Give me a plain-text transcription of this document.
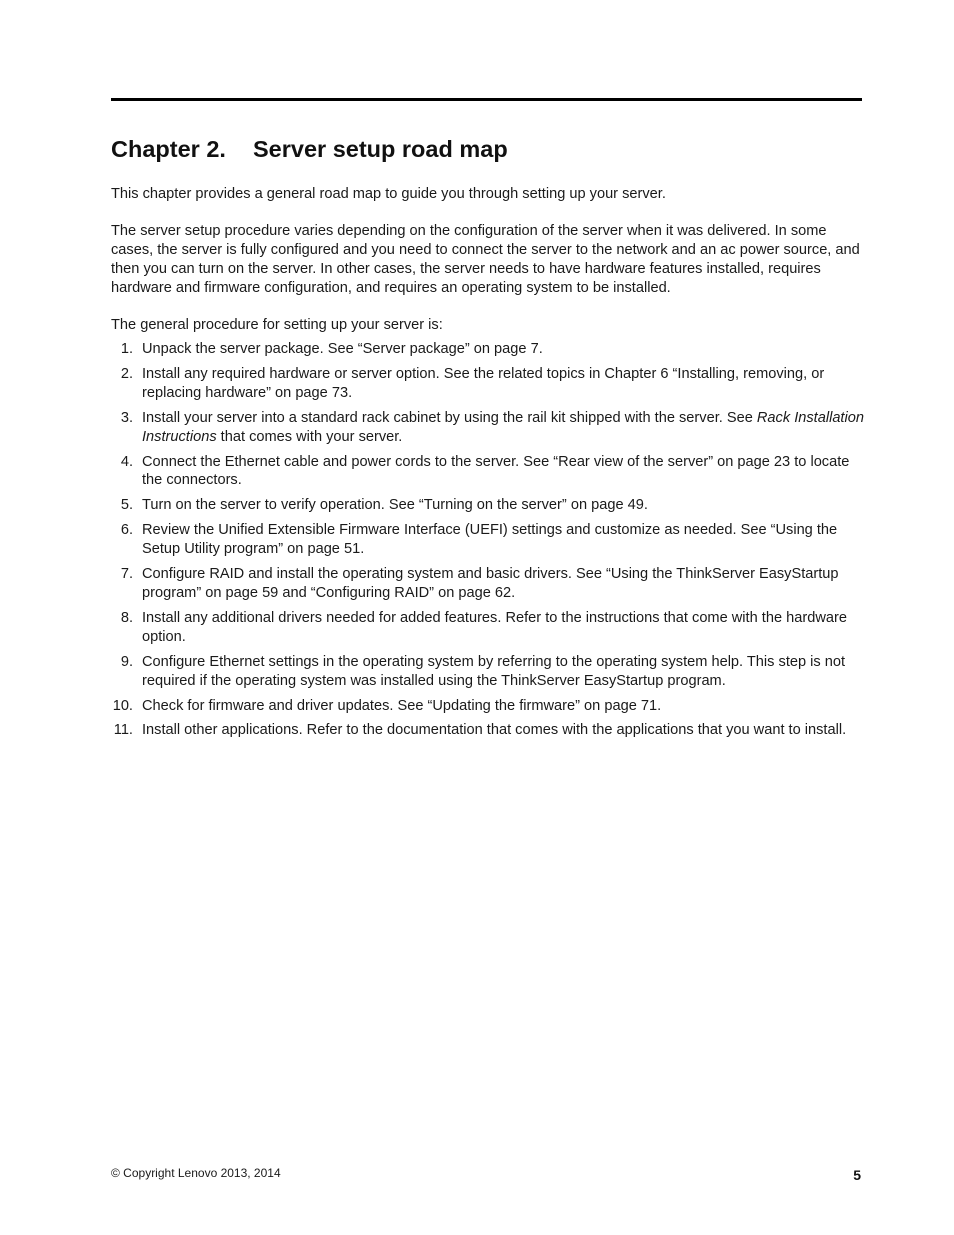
Chapter 2. Server setup road map

This chapter provides a general road map to guide you through setting up your server.

The server setup procedure varies depending on the configuration of the server when it was delivered. In some cases, the server is fully configured and you need to connect the server to the network and an ac power source, and then you can turn on the server. In other cases, the server needs to have hardware features installed, requires hardware and firmware configuration, and requires an operating system to be installed.

The general procedure for setting up your server is:

1. Unpack the server package. See “Server package” on page 7.
2. Install any required hardware or server option. See the related topics in Chapter 6 “Installing, removing, or replacing hardware” on page 73.
3. Install your server into a standard rack cabinet by using the rail kit shipped with the server. See Rack Installation Instructions that comes with your server.
4. Connect the Ethernet cable and power cords to the server. See “Rear view of the server” on page 23 to locate the connectors.
5. Turn on the server to verify operation. See “Turning on the server” on page 49.
6. Review the Unified Extensible Firmware Interface (UEFI) settings and customize as needed. See “Using the Setup Utility program” on page 51.
7. Configure RAID and install the operating system and basic drivers. See “Using the ThinkServer EasyStartup program” on page 59 and “Configuring RAID” on page 62.
8. Install any additional drivers needed for added features. Refer to the instructions that come with the hardware option.
9. Configure Ethernet settings in the operating system by referring to the operating system help. This step is not required if the operating system was installed using the ThinkServer EasyStartup program.
10. Check for firmware and driver updates. See “Updating the firmware” on page 71.
11. Install other applications. Refer to the documentation that comes with the applications that you want to install.
© Copyright Lenovo 2013, 2014	5
